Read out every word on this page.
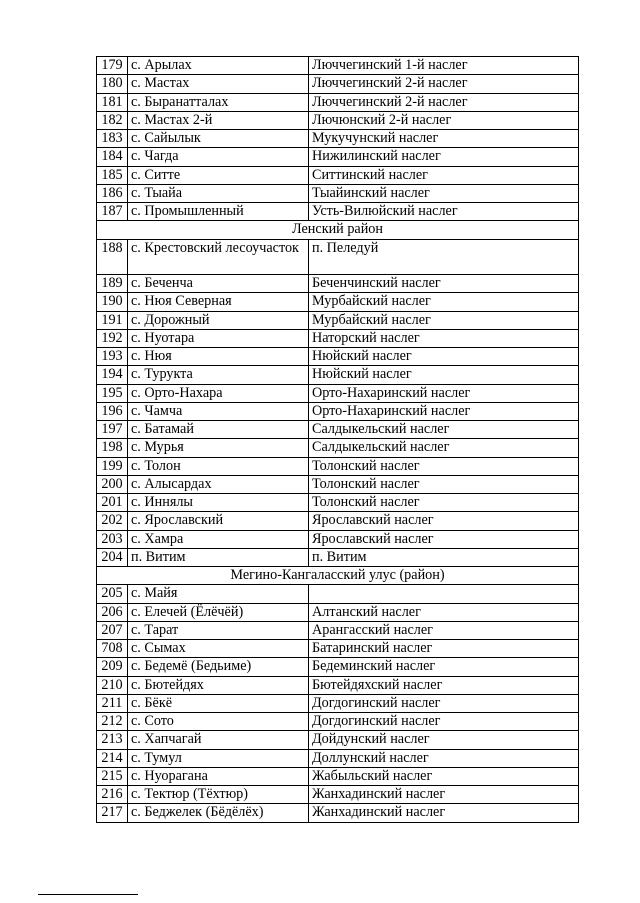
179	с. Арылах	Люччегинский 1-й наслег
180	с. Мастах	Люччегинский 2-й наслег
181	с. Быранатталах	Люччегинский 2-й наслег
182	с. Мастах 2-й	Лючюнский 2-й наслег
183	с. Сайылык	Мукучунский наслег
184	с. Чагда	Нижилинский наслег
185	с. Ситте	Ситтинский наслег
186	с. Тыайа	Тыайинский наслег
187	с. Промышленный	Усть-Вилюйский наслег
Ленский район		
188	с. Крестовский лесоучасток	п. Пеледуй
189	с. Беченча	Беченчинский наслег
190	с. Нюя Северная	Мурбайский наслег
191	с. Дорожный	Мурбайский наслег
192	с. Нуотара	Наторский наслег
193	с. Нюя	Нюйский наслег
194	с. Турукта	Нюйский наслег
195	с. Орто-Нахара	Орто-Нахаринский наслег
196	с. Чамча	Орто-Нахаринский наслег
197	с. Батамай	Салдыкельский наслег
198	с. Мурья	Салдыкельский наслег
199	с. Толон	Толонский наслег
200	с. Алысардах	Толонский наслег
201	с. Иннялы	Толонский наслег
202	с. Ярославский	Ярославский наслег
203	с. Хамра	Ярославский наслег
204	п. Витим	п. Витим
Мегино-Кангаласский улус (район)		
205	с. Майя	
206	с. Елечей (Ёлёчёй)	Алтанский наслег
207	с. Тарат	Арангасский наслег
708	с. Сымах	Батаринский наслег
209	с. Бедемё (Бедьиме)	Бедеминский наслег
210	с. Бютейдях	Бютейдяхский наслег
211	с. Бёкё	Догдогинский наслег
212	с. Сото	Догдогинский наслег
213	с. Хапчагай	Дойдунский наслег
214	с. Тумул	Доллунский наслег
215	с. Нуорагана	Жабыльский наслег
216	с. Тектюр (Тёхтюр)	Жанхадинский наслег
217	с. Беджелек (Бёдёлёх)	Жанхадинский наслег
